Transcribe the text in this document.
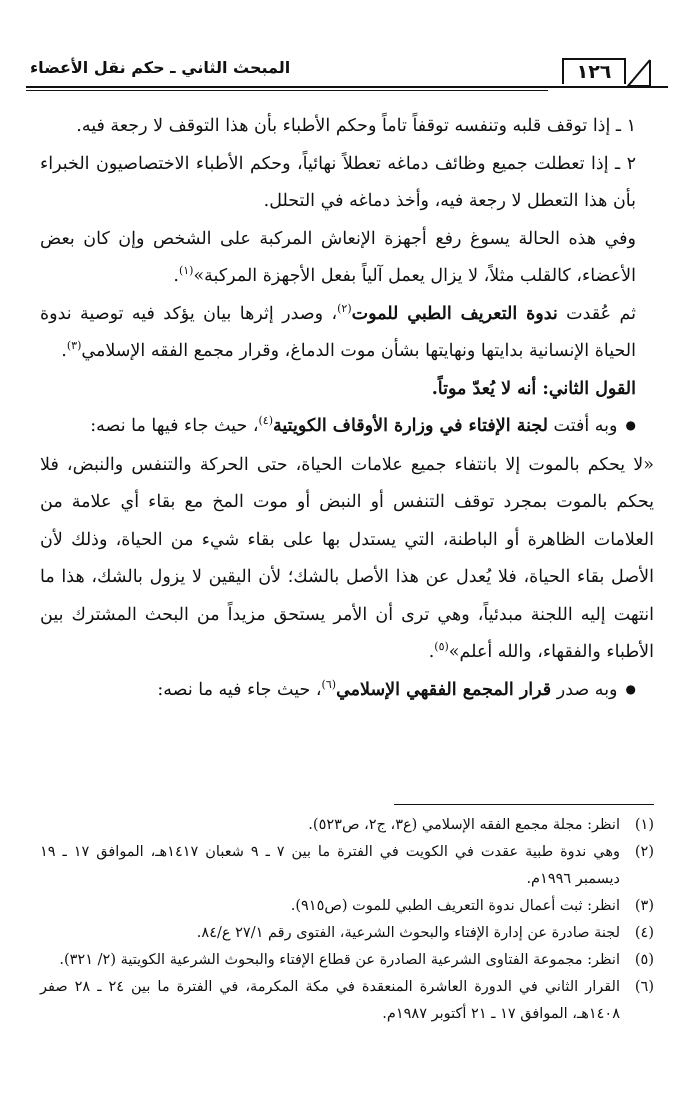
المبحث الثاني ـ حكم نقل الأعضاء	١٢٦

١ ـ إذا توقف قلبه وتنفسه توقفاً تاماً وحكم الأطباء بأن هذا التوقف لا رجعة فيه.

٢ ـ إذا تعطلت جميع وظائف دماغه تعطلاً نهائياً، وحكم الأطباء الاختصاصيون الخبراء بأن هذا التعطل لا رجعة فيه، وأخذ دماغه في التحلل.

وفي هذه الحالة يسوغ رفع أجهزة الإنعاش المركبة على الشخص وإن كان بعض الأعضاء، كالقلب مثلاً، لا يزال يعمل آلياً بفعل الأجهزة المركبة»$^{(١)}$.

ثم عُقدت ندوة التعريف الطبي للموت$^{(٢)}$، وصدر إثرها بيان يؤكد فيه توصية ندوة الحياة الإنسانية بدايتها ونهايتها بشأن موت الدماغ، وقرار مجمع الفقه الإسلامي$^{(٣)}$.

القول الثاني: أنه لا يُعدّ موتاً.

● وبه أفتت لجنة الإفتاء في وزارة الأوقاف الكويتية$^{(٤)}$، حيث جاء فيها ما نصه:

«لا يحكم بالموت إلا بانتفاء جميع علامات الحياة، حتى الحركة والتنفس والنبض، فلا يحكم بالموت بمجرد توقف التنفس أو النبض أو موت المخ مع بقاء أي علامة من العلامات الظاهرة أو الباطنة، التي يستدل بها على بقاء شيء من الحياة، وذلك لأن الأصل بقاء الحياة، فلا يُعدل عن هذا الأصل بالشك؛ لأن اليقين لا يزول بالشك، هذا ما انتهت إليه اللجنة مبدئياً، وهي ترى أن الأمر يستحق مزيداً من البحث المشترك بين الأطباء والفقهاء، والله أعلم»$^{(٥)}$.

● وبه صدر قرار المجمع الفقهي الإسلامي$^{(٦)}$، حيث جاء فيه ما نصه:

(١)
انظر: مجلة مجمع الفقه الإسلامي (ع٣، ج٢، ص٥٢٣).
(٢)
وهي ندوة طبية عقدت في الكويت في الفترة ما بين ٧ ـ ٩ شعبان ١٤١٧هـ، الموافق ١٧ ـ ١٩ ديسمبر ١٩٩٦م.
(٣)
انظر: ثبت أعمال ندوة التعريف الطبي للموت (ص٩١٥).
(٤)
لجنة صادرة عن إدارة الإفتاء والبحوث الشرعية، الفتوى رقم ٢٧/١ ع/٨٤.
(٥)
انظر: مجموعة الفتاوى الشرعية الصادرة عن قطاع الإفتاء والبحوث الشرعية الكويتية (٢/ ٣٢١).
(٦)
القرار الثاني في الدورة العاشرة المنعقدة في مكة المكرمة، في الفترة ما بين ٢٤ ـ ٢٨ صفر ١٤٠٨هـ، الموافق ١٧ ـ ٢١ أكتوبر ١٩٨٧م.
